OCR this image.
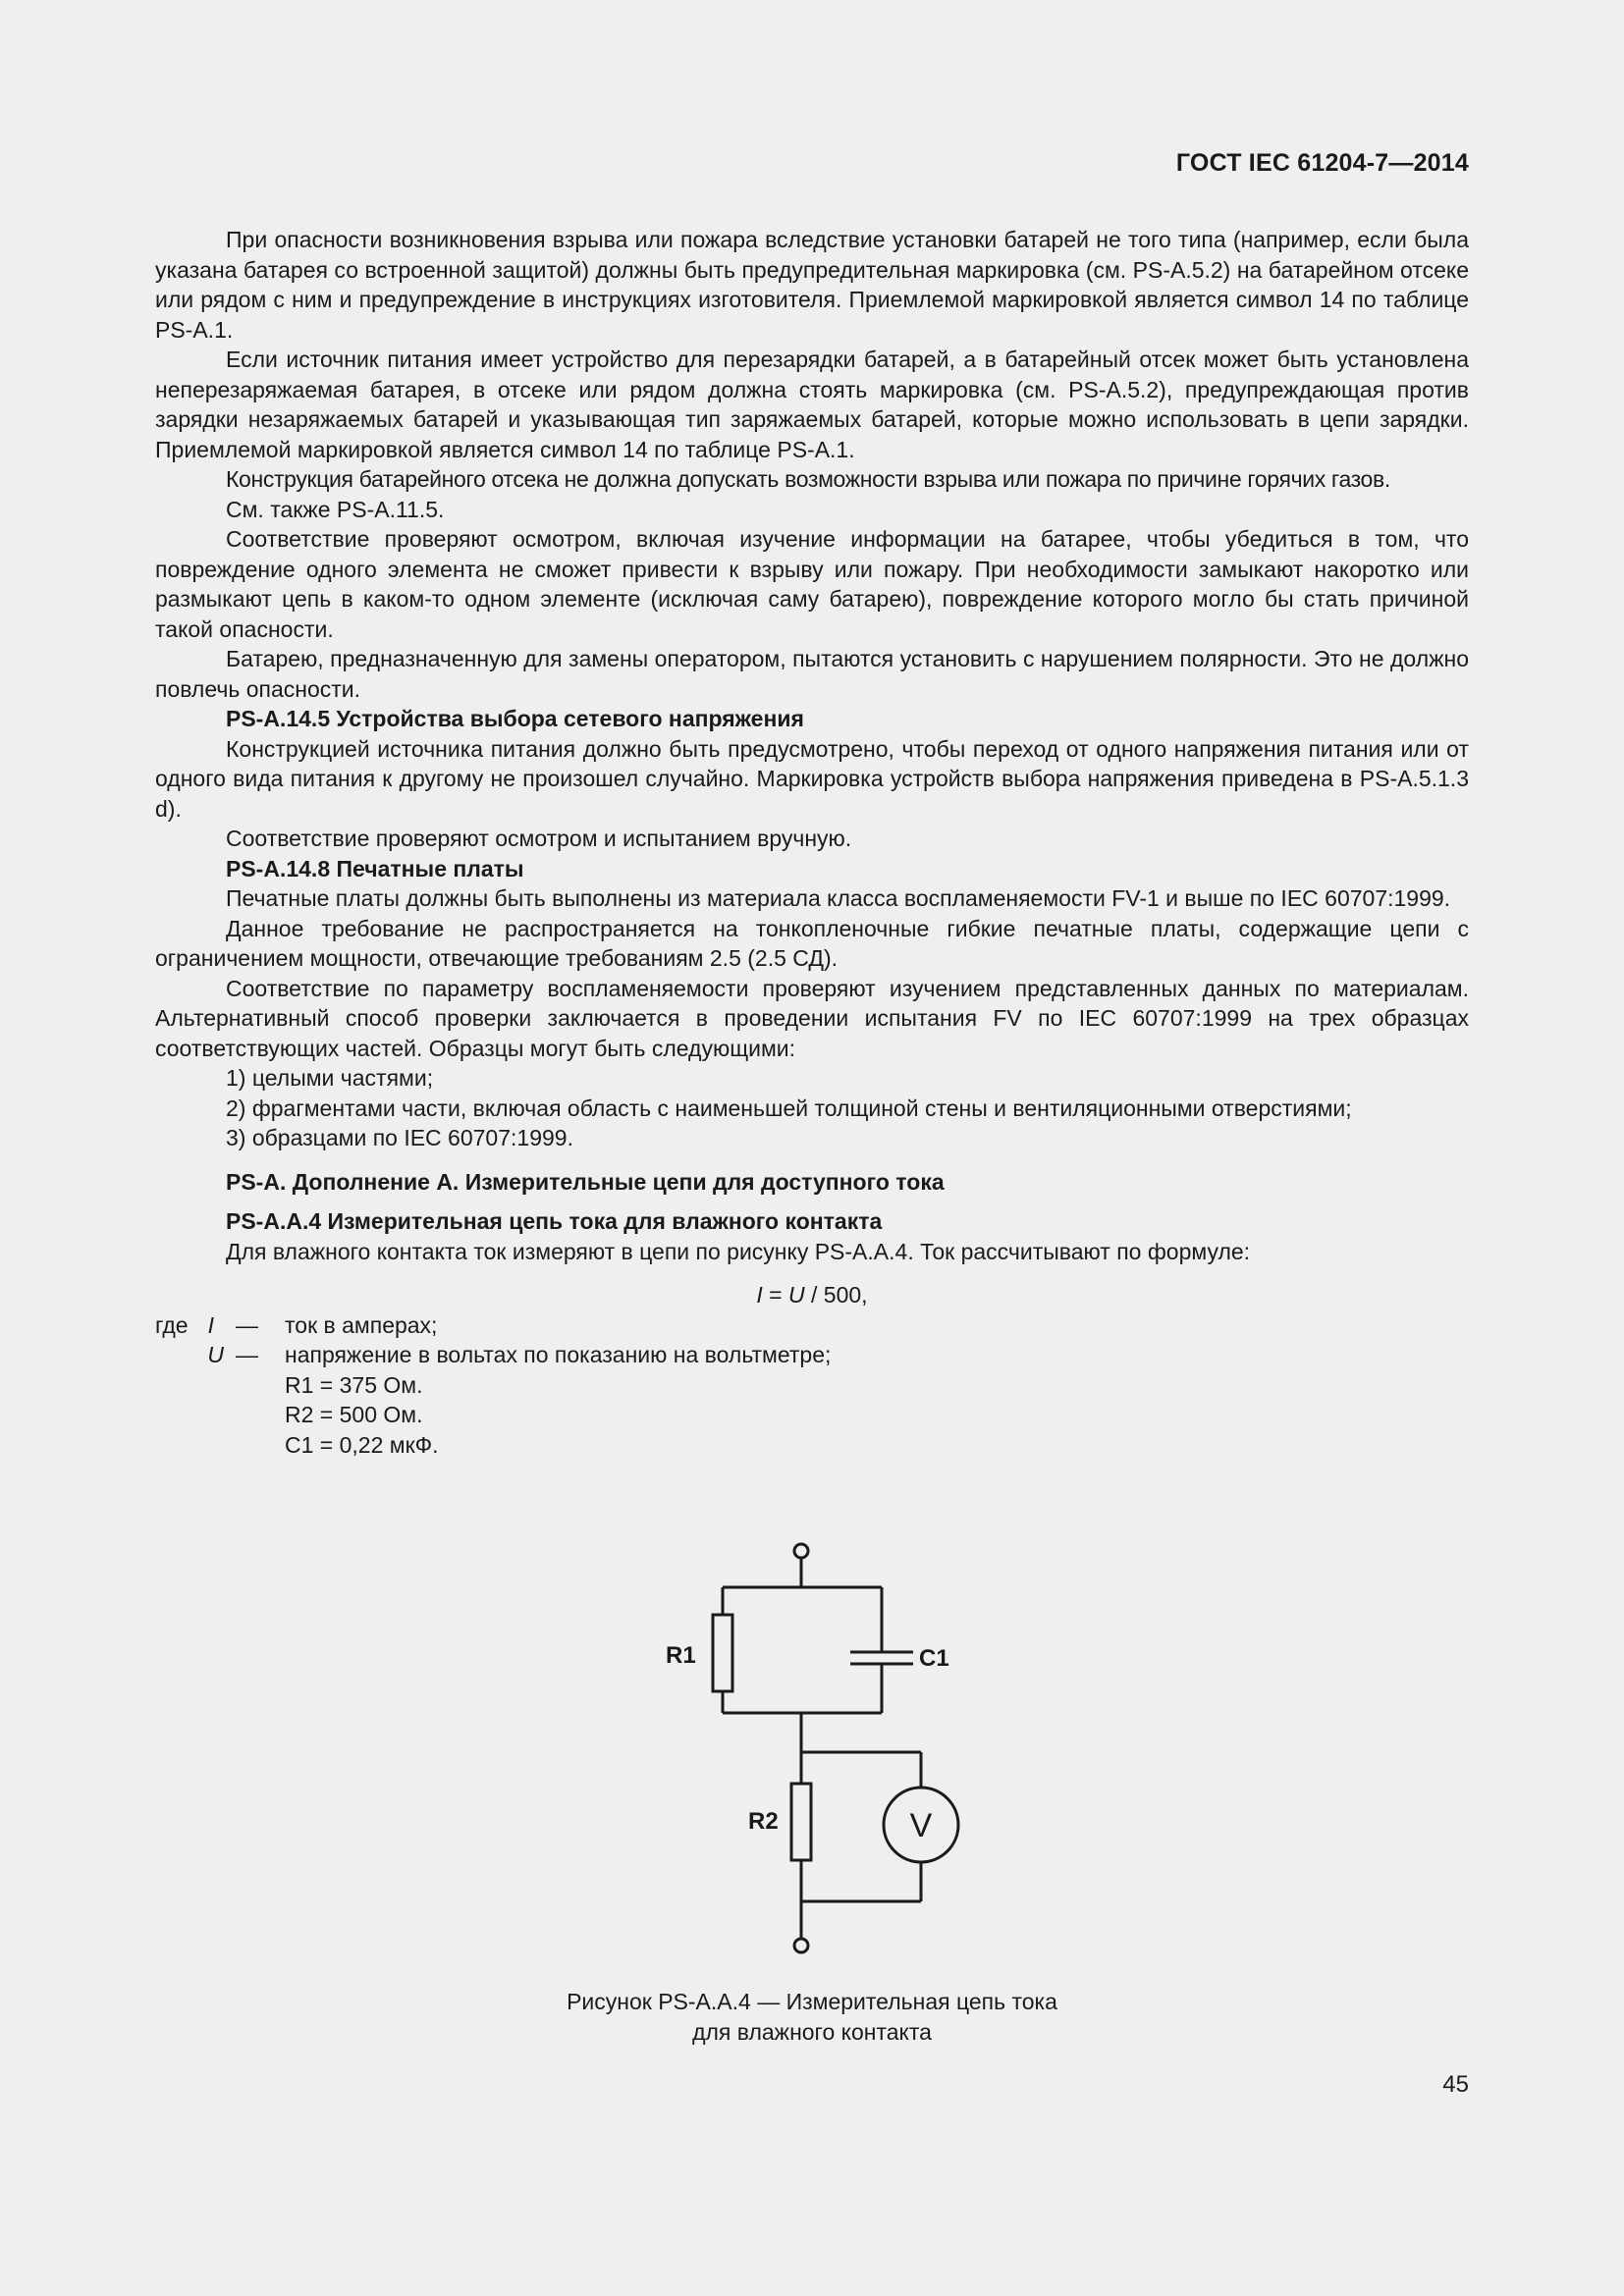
ГОСТ IEC 61204-7—2014

При опасности возникновения взрыва или пожара вследствие установки батарей не того типа (например, если была указана батарея со встроенной защитой) должны быть предупредительная маркировка (см. PS-A.5.2) на батарейном отсеке или рядом с ним и предупреждение в инструкциях изготовителя. Приемлемой маркировкой является символ 14 по таблице PS-A.1.

Если источник питания имеет устройство для перезарядки батарей, а в батарейный отсек может быть установлена неперезаряжаемая батарея, в отсеке или рядом должна стоять маркировка (см. PS-A.5.2), предупреждающая против зарядки незаряжаемых батарей и указывающая тип заряжаемых батарей, которые можно использовать в цепи зарядки. Приемлемой маркировкой является символ 14 по таблице PS-A.1.

Конструкция батарейного отсека не должна допускать возможности взрыва или пожара по причине горячих газов.

См. также PS-A.11.5.

Соответствие проверяют осмотром, включая изучение информации на батарее, чтобы убедиться в том, что повреждение одного элемента не сможет привести к взрыву или пожару. При необходимости замыкают накоротко или размыкают цепь в каком-то одном элементе (исключая саму батарею), повреждение которого могло бы стать причиной такой опасности.

Батарею, предназначенную для замены оператором, пытаются установить с нарушением полярности. Это не должно повлечь опасности.

PS-A.14.5 Устройства выбора сетевого напряжения

Конструкцией источника питания должно быть предусмотрено, чтобы переход от одного напряжения питания или от одного вида питания к другому не произошел случайно. Маркировка устройств выбора напряжения приведена в PS-A.5.1.3 d).

Соответствие проверяют осмотром и испытанием вручную.

PS-A.14.8 Печатные платы

Печатные платы должны быть выполнены из материала класса воспламеняемости FV-1 и выше по IEC 60707:1999.

Данное требование не распространяется на тонкопленочные гибкие печатные платы, содержащие цепи с ограничением мощности, отвечающие требованиям 2.5 (2.5 СД).

Соответствие по параметру воспламеняемости проверяют изучением представленных данных по материалам. Альтернативный способ проверки заключается в проведении испытания FV по IEC 60707:1999 на трех образцах соответствующих частей. Образцы могут быть следующими:

1) целыми частями;

2) фрагментами части, включая область с наименьшей толщиной стены и вентиляционными отверстиями;

3) образцами по IEC 60707:1999.

PS-A. Дополнение A. Измерительные цепи для доступного тока

PS-A.A.4 Измерительная цепь тока для влажного контакта

Для влажного контакта ток измеряют в цепи по рисунку PS-A.A.4. Ток рассчитывают по формуле:

I = U / 500,
где I — ток в амперах;
U — напряжение в вольтах по показанию на вольтметре;
R1 = 375 Ом.
R2 = 500 Ом.
C1 = 0,22 мкФ.
R1	C1
R2	V
Рисунок PS-A.A.4 — Измерительная цепь тока
для влажного контакта
45
